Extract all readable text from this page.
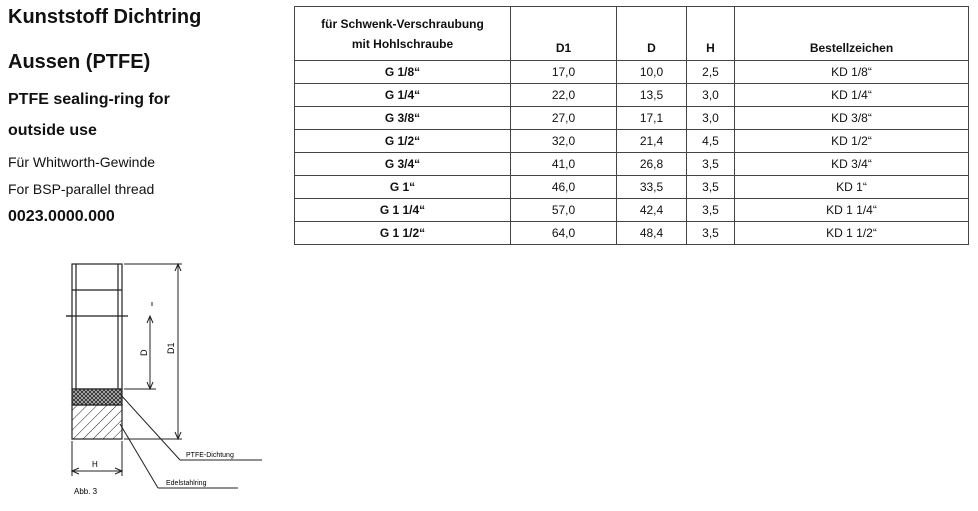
Kunststoff Dichtring
Aussen (PTFE)
PTFE sealing-ring for
outside use
Für Whitworth-Gewinde
For BSP-parallel thread
0023.0000.000
für Schwenk-Verschraubung
mit Hohlschraube	D1	D	H	Bestellzeichen
G 1/8“	17,0	10,0	2,5	KD 1/8“
G 1/4“	22,0	13,5	3,0	KD 1/4“
G 3/8“	27,0	17,1	3,0	KD 3/8“
G 1/2“	32,0	21,4	4,5	KD 1/2“
G 3/4“	41,0	26,8	3,5	KD 3/4“
G 1“	46,0	33,5	3,5	KD 1“
G 1 1/4“	57,0	42,4	3,5	KD 1 1/4“
G 1 1/2“	64,0	48,4	3,5	KD 1 1/2“
D1
D
H
PTFE-Dichtung
Edelstahlring
Abb. 3
